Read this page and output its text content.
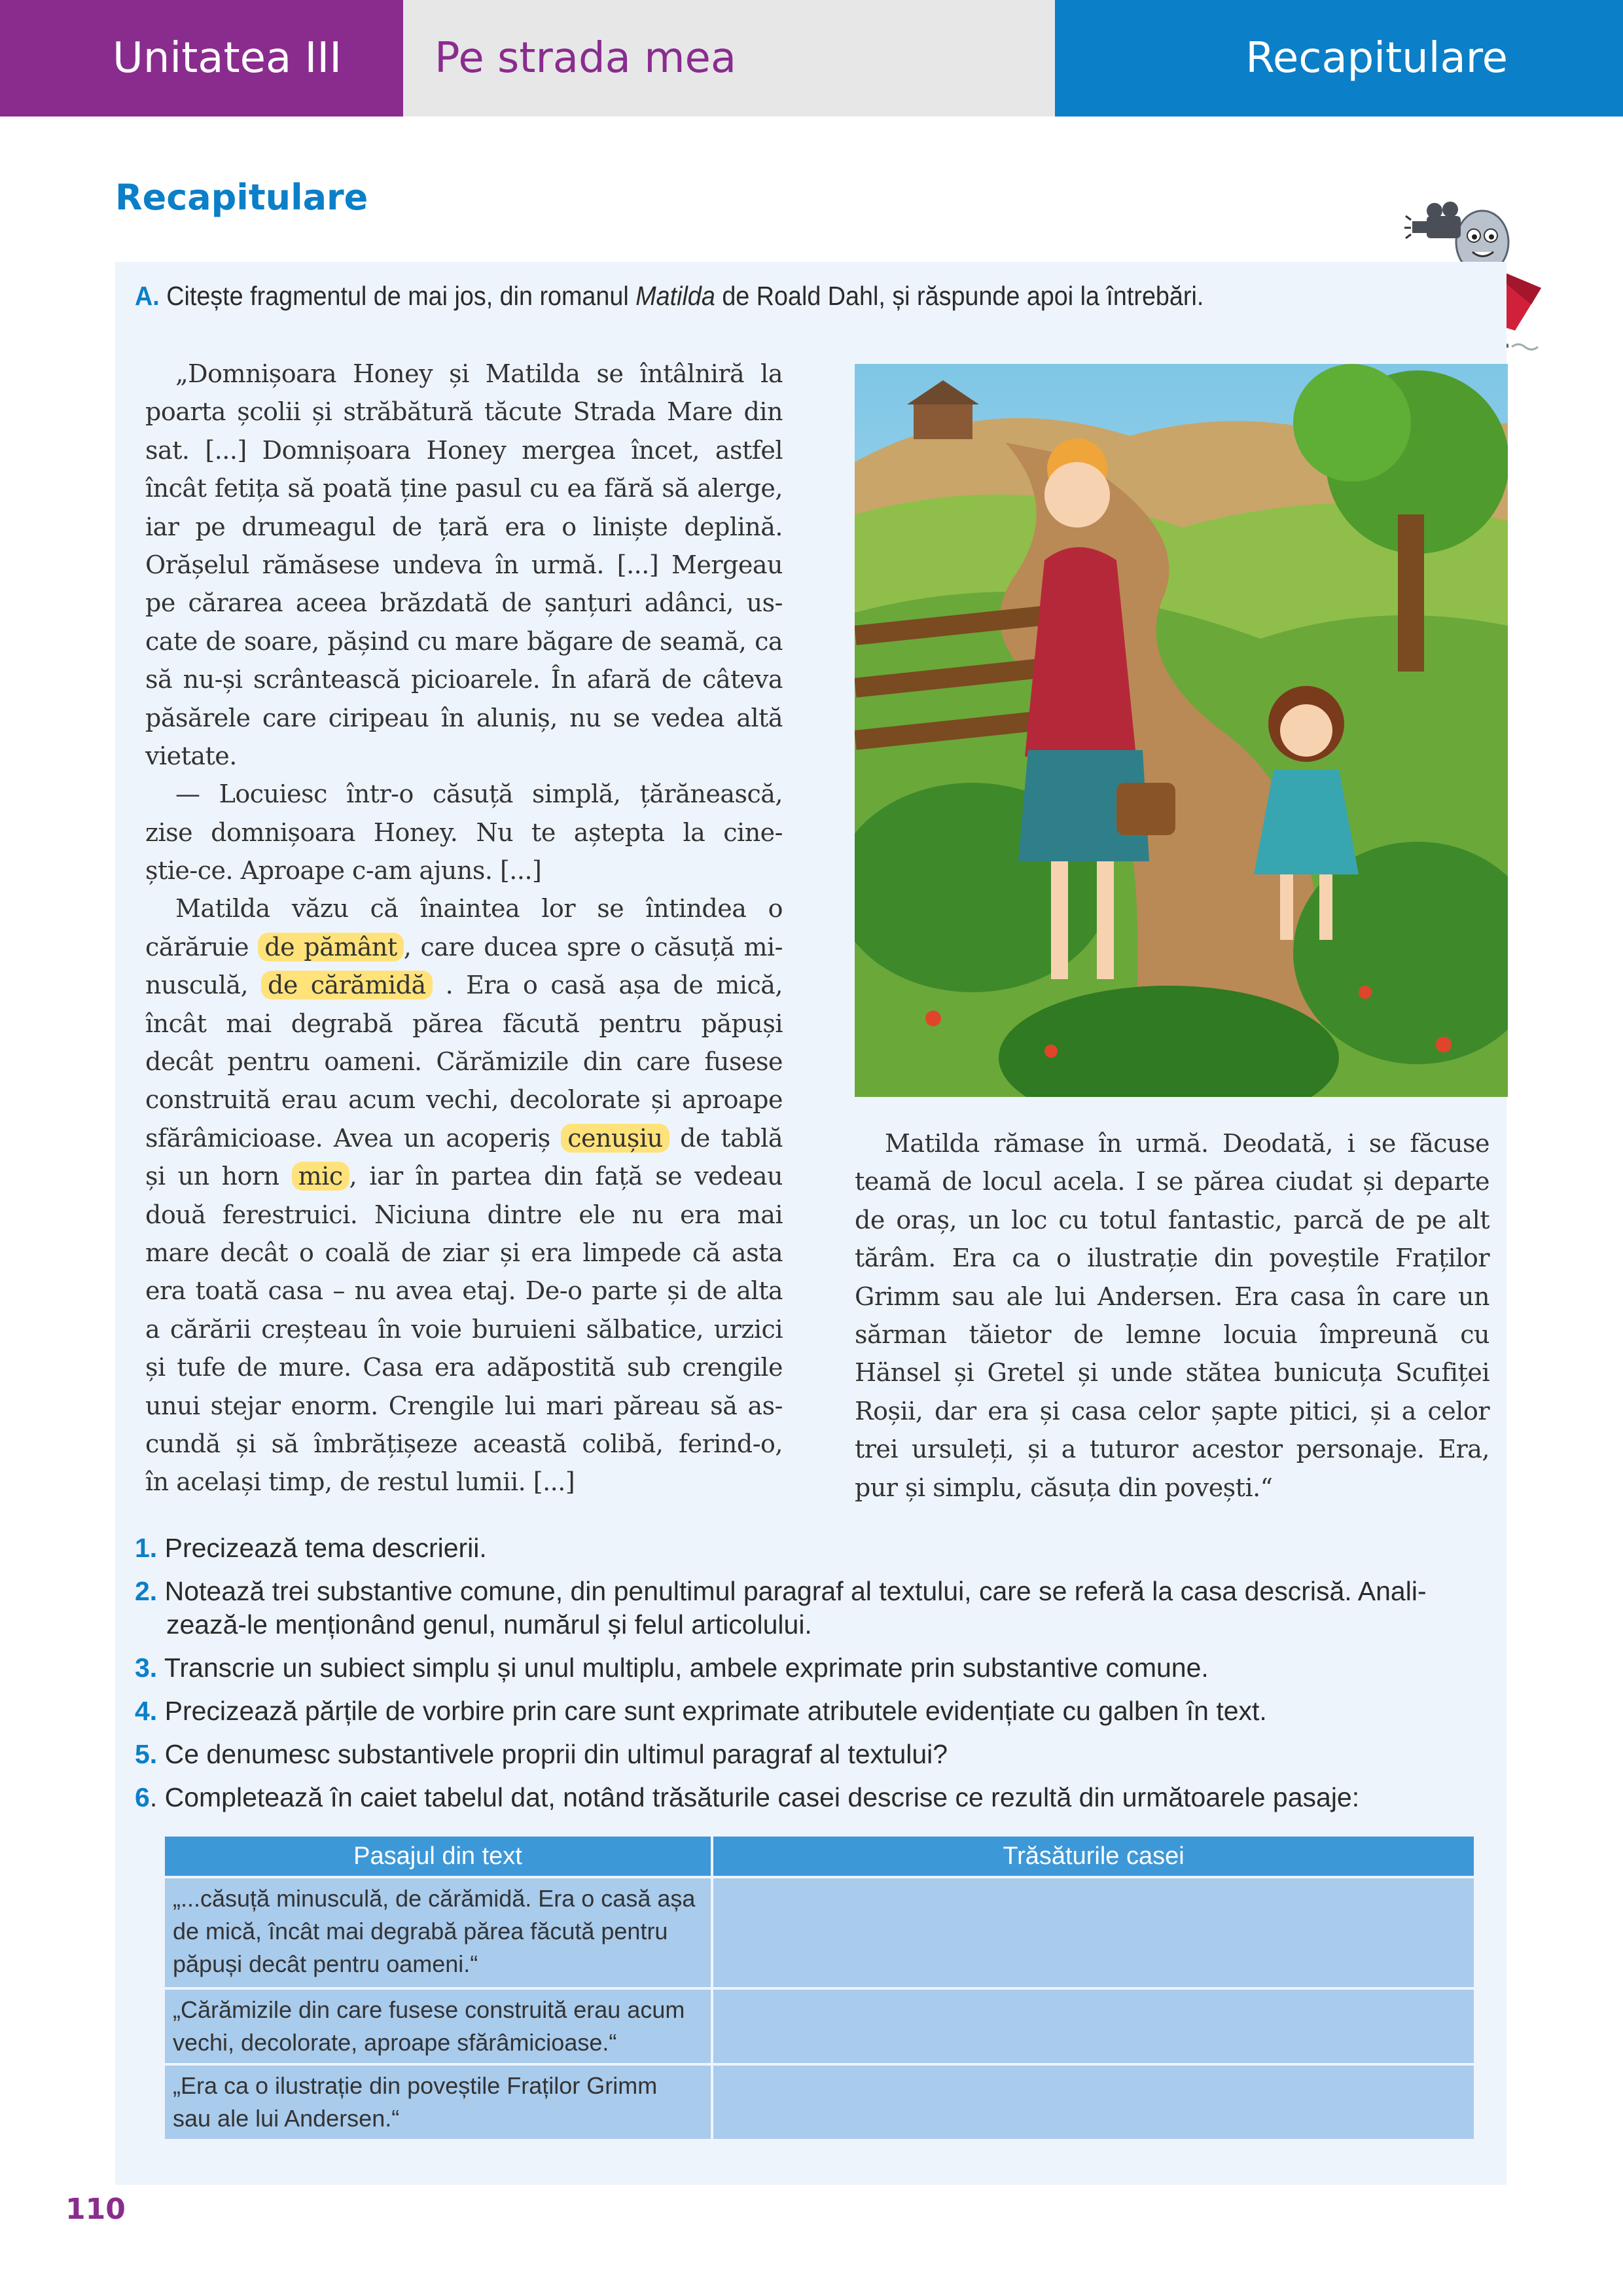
Unitatea III Pe strada mea	Recapitulare
Recapitulare
A. Citește fragmentul de mai jos, din romanul Matilda de Roald Dahl, și răspunde apoi la întrebări.
„Domnișoara Honey și Matilda se întâlniră la
poarta școlii și străbătură tăcute Strada Mare din
sat. [...] Domnișoara Honey mergea încet, astfel
încât fetița să poată ține pasul cu ea fără să alerge,
iar pe drumeagul de țară era o liniște deplină.
Orășelul rămăsese undeva în urmă. [...] Mergeau
pe cărarea aceea brăzdată de șanțuri adânci, us-
cate de soare, pășind cu mare băgare de seamă, ca
să nu-și scrântească picioarele. În afară de câteva
păsărele care ciripeau în aluniș, nu se vedea altă
vietate.
— Locuiesc într-o căsuță simplă, țărănească,
zise domnișoara Honey. Nu te aștepta la cine-
știe-ce. Aproape c-am ajuns. [...]
Matilda văzu că înaintea lor se întindea o
cărăruie de pământ , care ducea spre o căsuță mi-
nusculă, de cărămidă . Era o casă așa de mică,
încât mai degrabă părea făcută pentru păpuși
decât pentru oameni. Cărămizile din care fusese
construită erau acum vechi, decolorate și aproape
sfărâmicioase. Avea un acoperiș cenușiu de tablă
și un horn mic , iar în partea din față se vedeau
două ferestruici. Niciuna dintre ele nu era mai
mare decât o coală de ziar și era limpede că asta
era toată casa – nu avea etaj. De-o parte și de alta
a cărării creșteau în voie buruieni sălbatice, urzici
și tufe de mure. Casa era adăpostită sub crengile
unui stejar enorm. Crengile lui mari păreau să as-
cundă și să îmbrățișeze această colibă, ferind-o,
în același timp, de restul lumii. [...]
Matilda rămase în urmă. Deodată, i se făcuse
teamă de locul acela. I se părea ciudat și departe
de oraș, un loc cu totul fantastic, parcă de pe alt
tărâm. Era ca o ilustrație din poveștile Fraților
Grimm sau ale lui Andersen. Era casa în care un
sărman tăietor de lemne locuia împreună cu
Hänsel și Gretel și unde stătea bunicuța Scufiței
Roșii, dar era și casa celor șapte pitici, și a celor
trei ursuleți, și a tuturor acestor personaje. Era,
pur și simplu, căsuța din povești.“
1. Precizează tema descrierii.
2. Notează trei substantive comune, din penultimul paragraf al textului, care se referă la casa descrisă. Anali-
zează-le menționând genul, numărul și felul articolului.
3. Transcrie un subiect simplu și unul multiplu, ambele exprimate prin substantive comune.
4. Precizează părțile de vorbire prin care sunt exprimate atributele evidențiate cu galben în text.
5. Ce denumesc substantivele proprii din ultimul paragraf al textului?
6. Completează în caiet tabelul dat, notând trăsăturile casei descrise ce rezultă din următoarele pasaje:
Pasajul din text	Trăsăturile casei
„...căsuță minusculă, de cărămidă. Era o casă așa
de mică, încât mai degrabă părea făcută pentru
păpuși decât pentru oameni.“
„Cărămizile din care fusese construită erau acum
vechi, decolorate, aproape sfărâmicioase.“
„Era ca o ilustrație din poveștile Fraților Grimm
sau ale lui Andersen.“
110
